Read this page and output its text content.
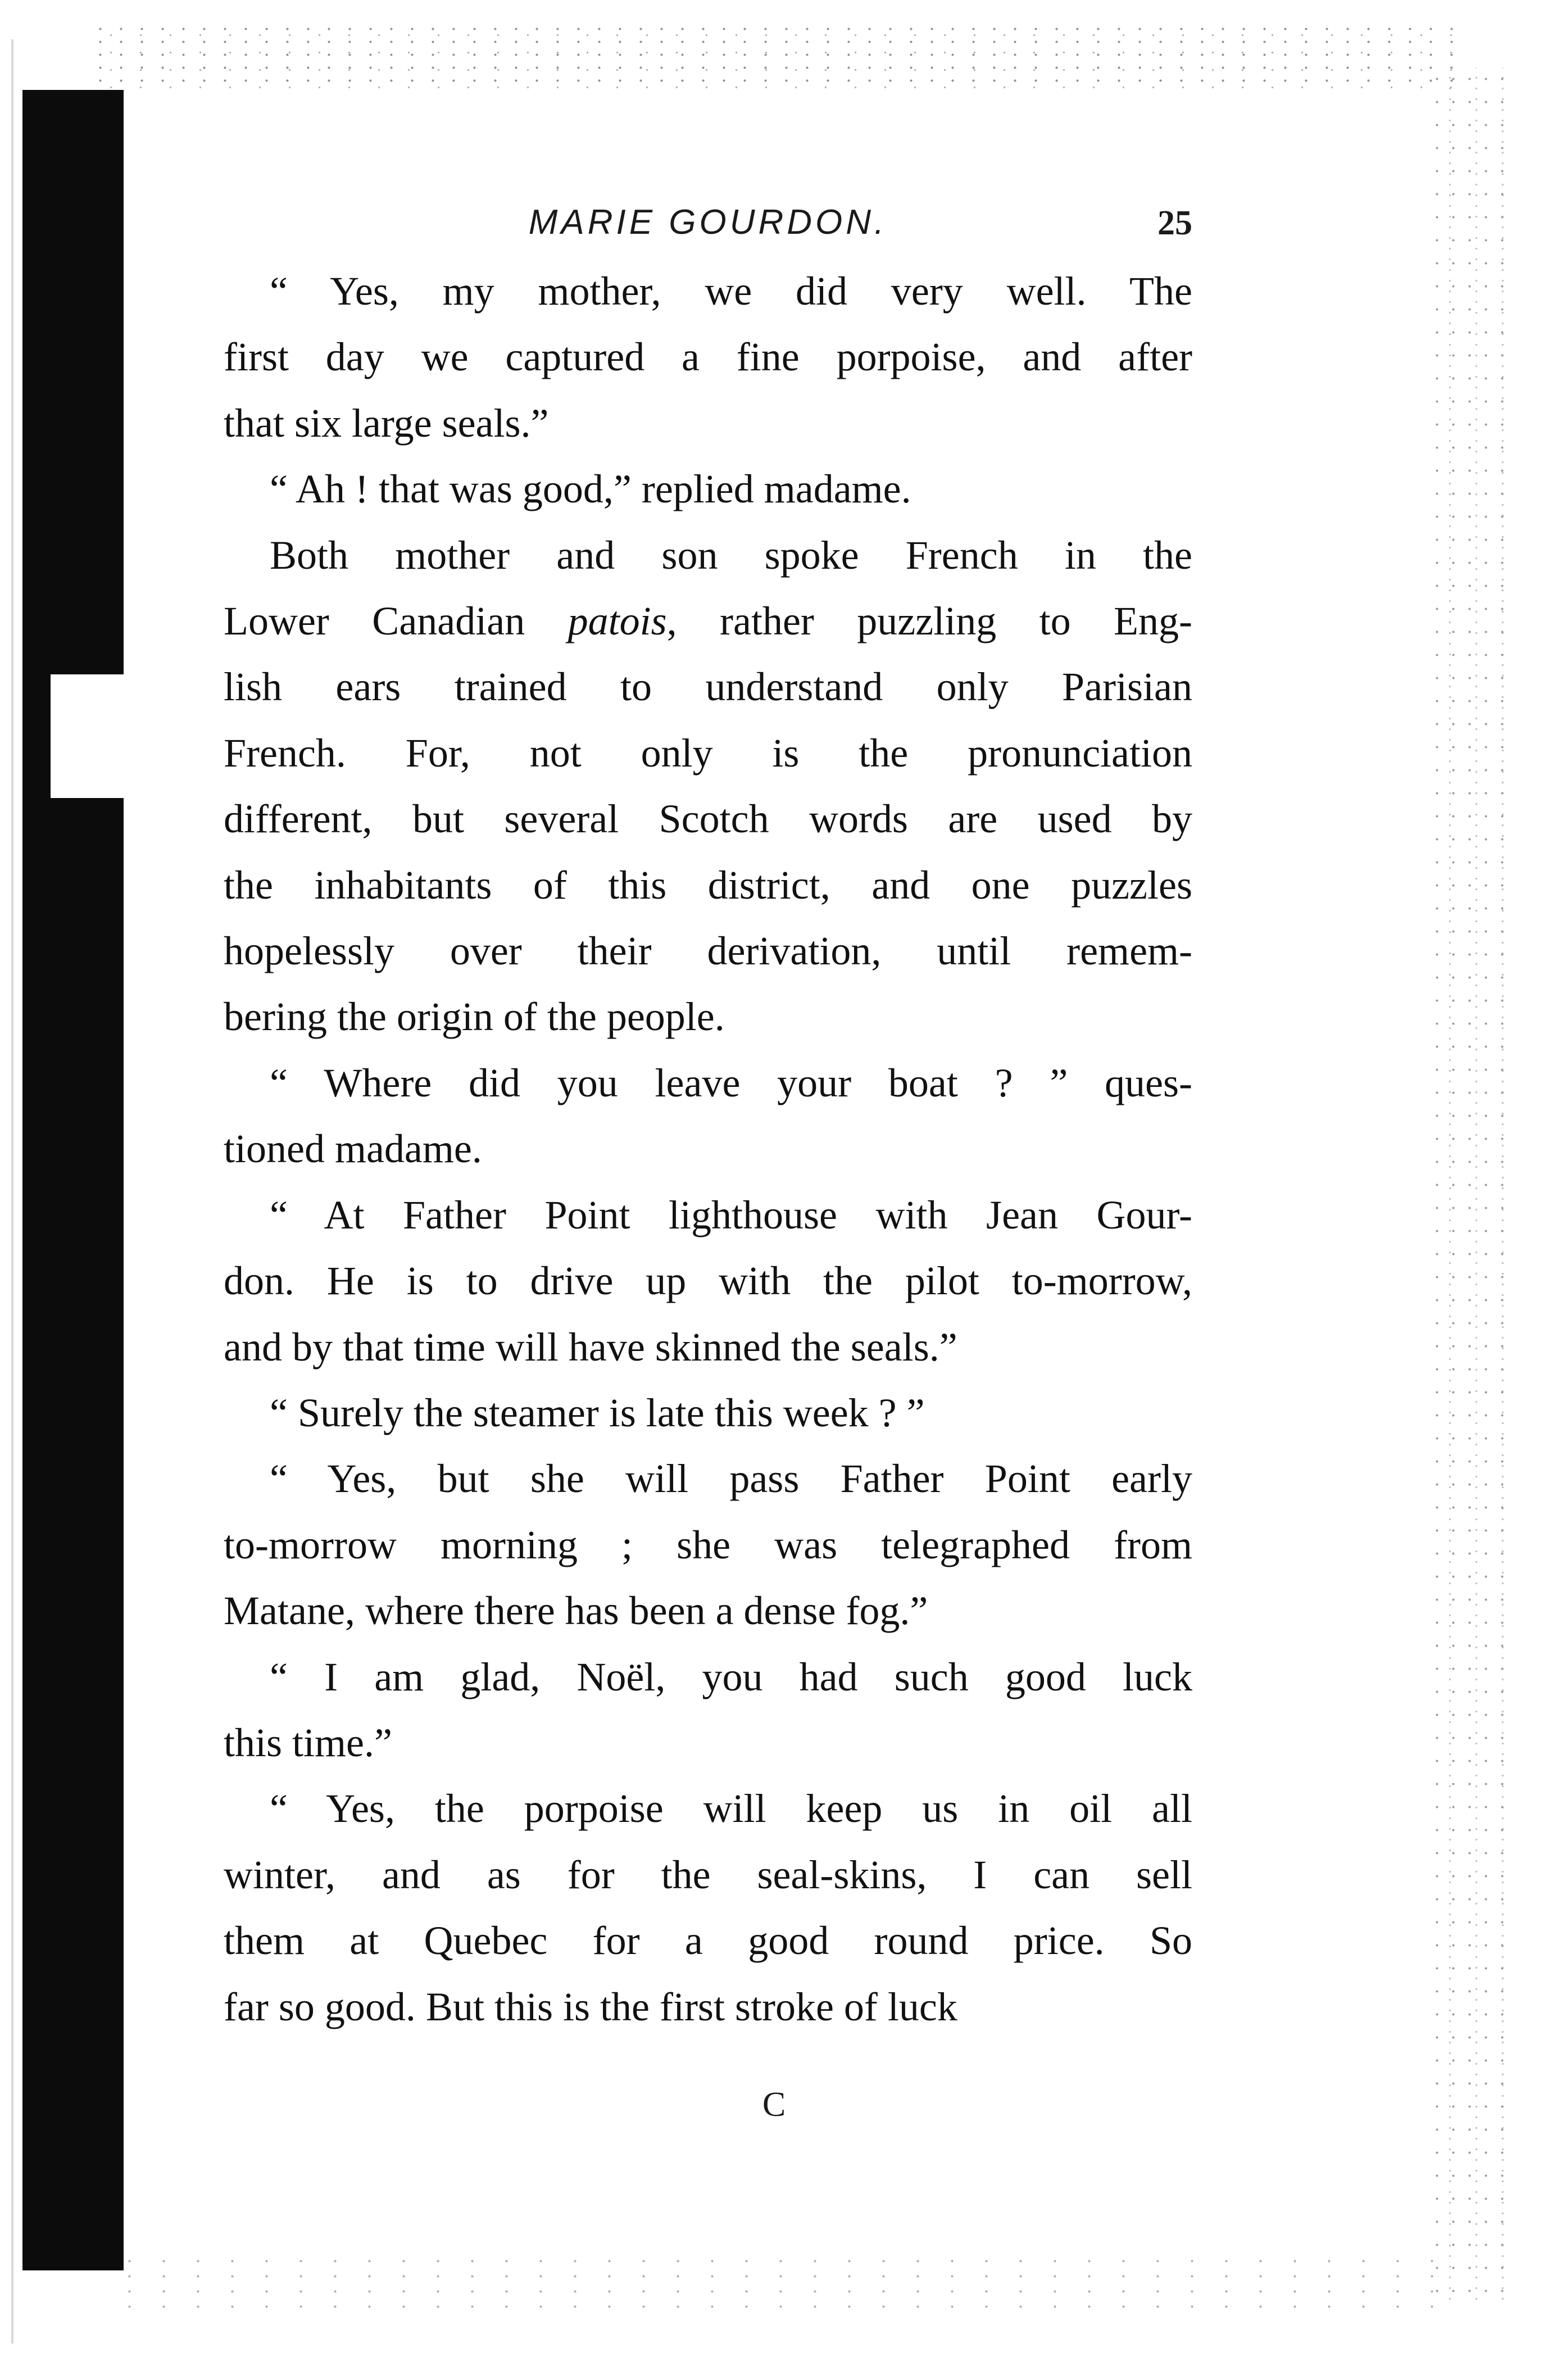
MARIE GOURDON.	25

“ Yes, my mother, we did very well. The
first day we captured a fine porpoise, and after
that six large seals.”

“ Ah ! that was good,” replied madame.

Both mother and son spoke French in the
Lower Canadian patois, rather puzzling to Eng-
lish ears trained to understand only Parisian
French. For, not only is the pronunciation
different, but several Scotch words are used by
the inhabitants of this district, and one puzzles
hopelessly over their derivation, until remem-
bering the origin of the people.

“ Where did you leave your boat ? ” ques-
tioned madame.

“ At Father Point lighthouse with Jean Gour-
don. He is to drive up with the pilot to-morrow,
and by that time will have skinned the seals.”

“ Surely the steamer is late this week ? ”

“ Yes, but she will pass Father Point early
to-morrow morning ; she was telegraphed from
Matane, where there has been a dense fog.”

“ I am glad, Noël, you had such good luck
this time.”

“ Yes, the porpoise will keep us in oil all
winter, and as for the seal-skins, I can sell
them at Quebec for a good round price. So
far so good. But this is the first stroke of luck

C
